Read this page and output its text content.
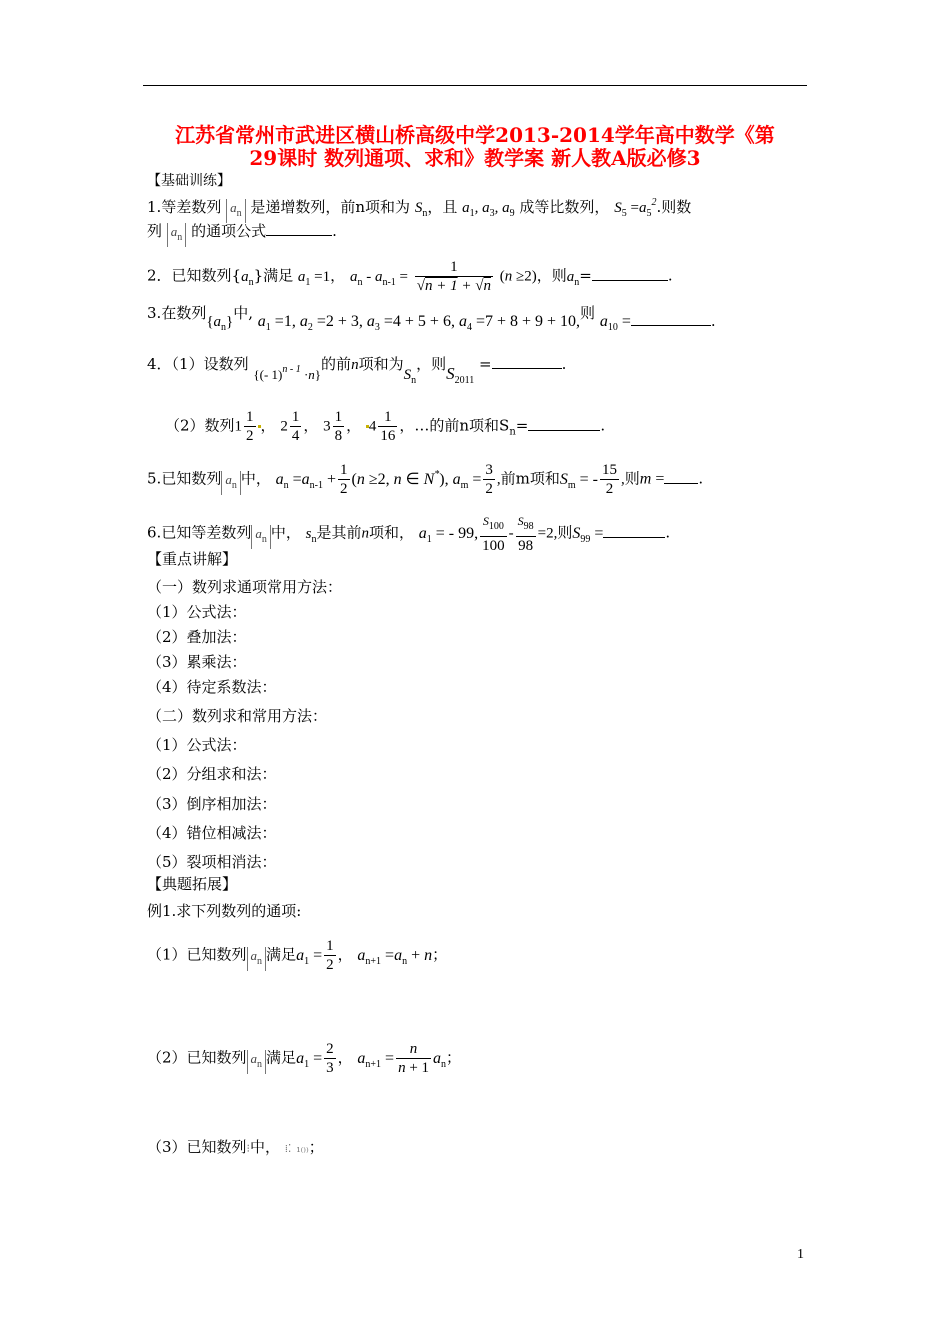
江苏省常州市武进区横山桥高级中学2013-2014学年高中数学《第
29课时 数列通项、求和》教学案 新人教A版必修3
【基础训练】
1.等差数列 $a_n$ 是递增数列，前n项和为 $S_n$，且 $a_1$, $a_3$, $a_9$ 成等比数列， $S_5 =a_5^2$.则数
列 $a_n$ 的通项公式	.
2．已知数列$\{a_n\}$满足 $a_1 =1$， $a_n - a_{n-1} = \frac{1}{√n + 1 + √n} (n \ge 2)$，则$a_n=$	.
3.在数列$\{a_n\}$中, $a_1 =1$, $a_2 =2 + 3$, $a_3 =4 + 5 + 6$, $a_4 =7 + 8 + 9 + 10$,则 $a_{10}$ =	.
4．（1）设数列 {(- 1)$^{n - 1}$ ·n}的前n项和为$S_n$，则$S_{2011}$ =	.
（2）数列$1 \frac{1}{2}$ ， $2 \frac{1}{4}$ ， $3 \frac{1}{8}$ ， $4 \frac{1}{16}$ ，…的前n项和$S_n=$	.
5.已知数列 $a_n$ 中， $a_n =a_{n-1} + \frac{1}{2} (n \ge 2$, n ∈ N*), $a_m = \frac{3}{2}$ ,前m项和$S_m$ = - $\frac{15}{2}$ ,则m = .
6.已知等差数列 $a_n$ 中， $s_n$是其前n项和， $a_1$ = - 99, $\frac{S_{100}}{100} - \frac{S_{98}}{98} =2$,则$S_{99}$ =	.
【重点讲解】
（一）数列求通项常用方法：
（1）公式法：
（2）叠加法：
（3）累乘法：
（4）待定系数法：
（二）数列求和常用方法：
（1）公式法：
（2）分组求和法：
（3）倒序相加法：
（4）错位相减法：
（5）裂项相消法：
【典题拓展】
例1.求下列数列的通项:
（1）已知数列 $a_n$ 满足$a_1 = \frac{1}{2}$ ， $a_{n+1} =a_n + n$；
（2）已知数列 $a_n$ 满足$a_1 = \frac{2}{3}$ ， $a_{n+1} = \frac{n}{n + 1} a_n$；
（3）已知数列⁝中， ⁞⁚ ₁₍₎₎；
1
